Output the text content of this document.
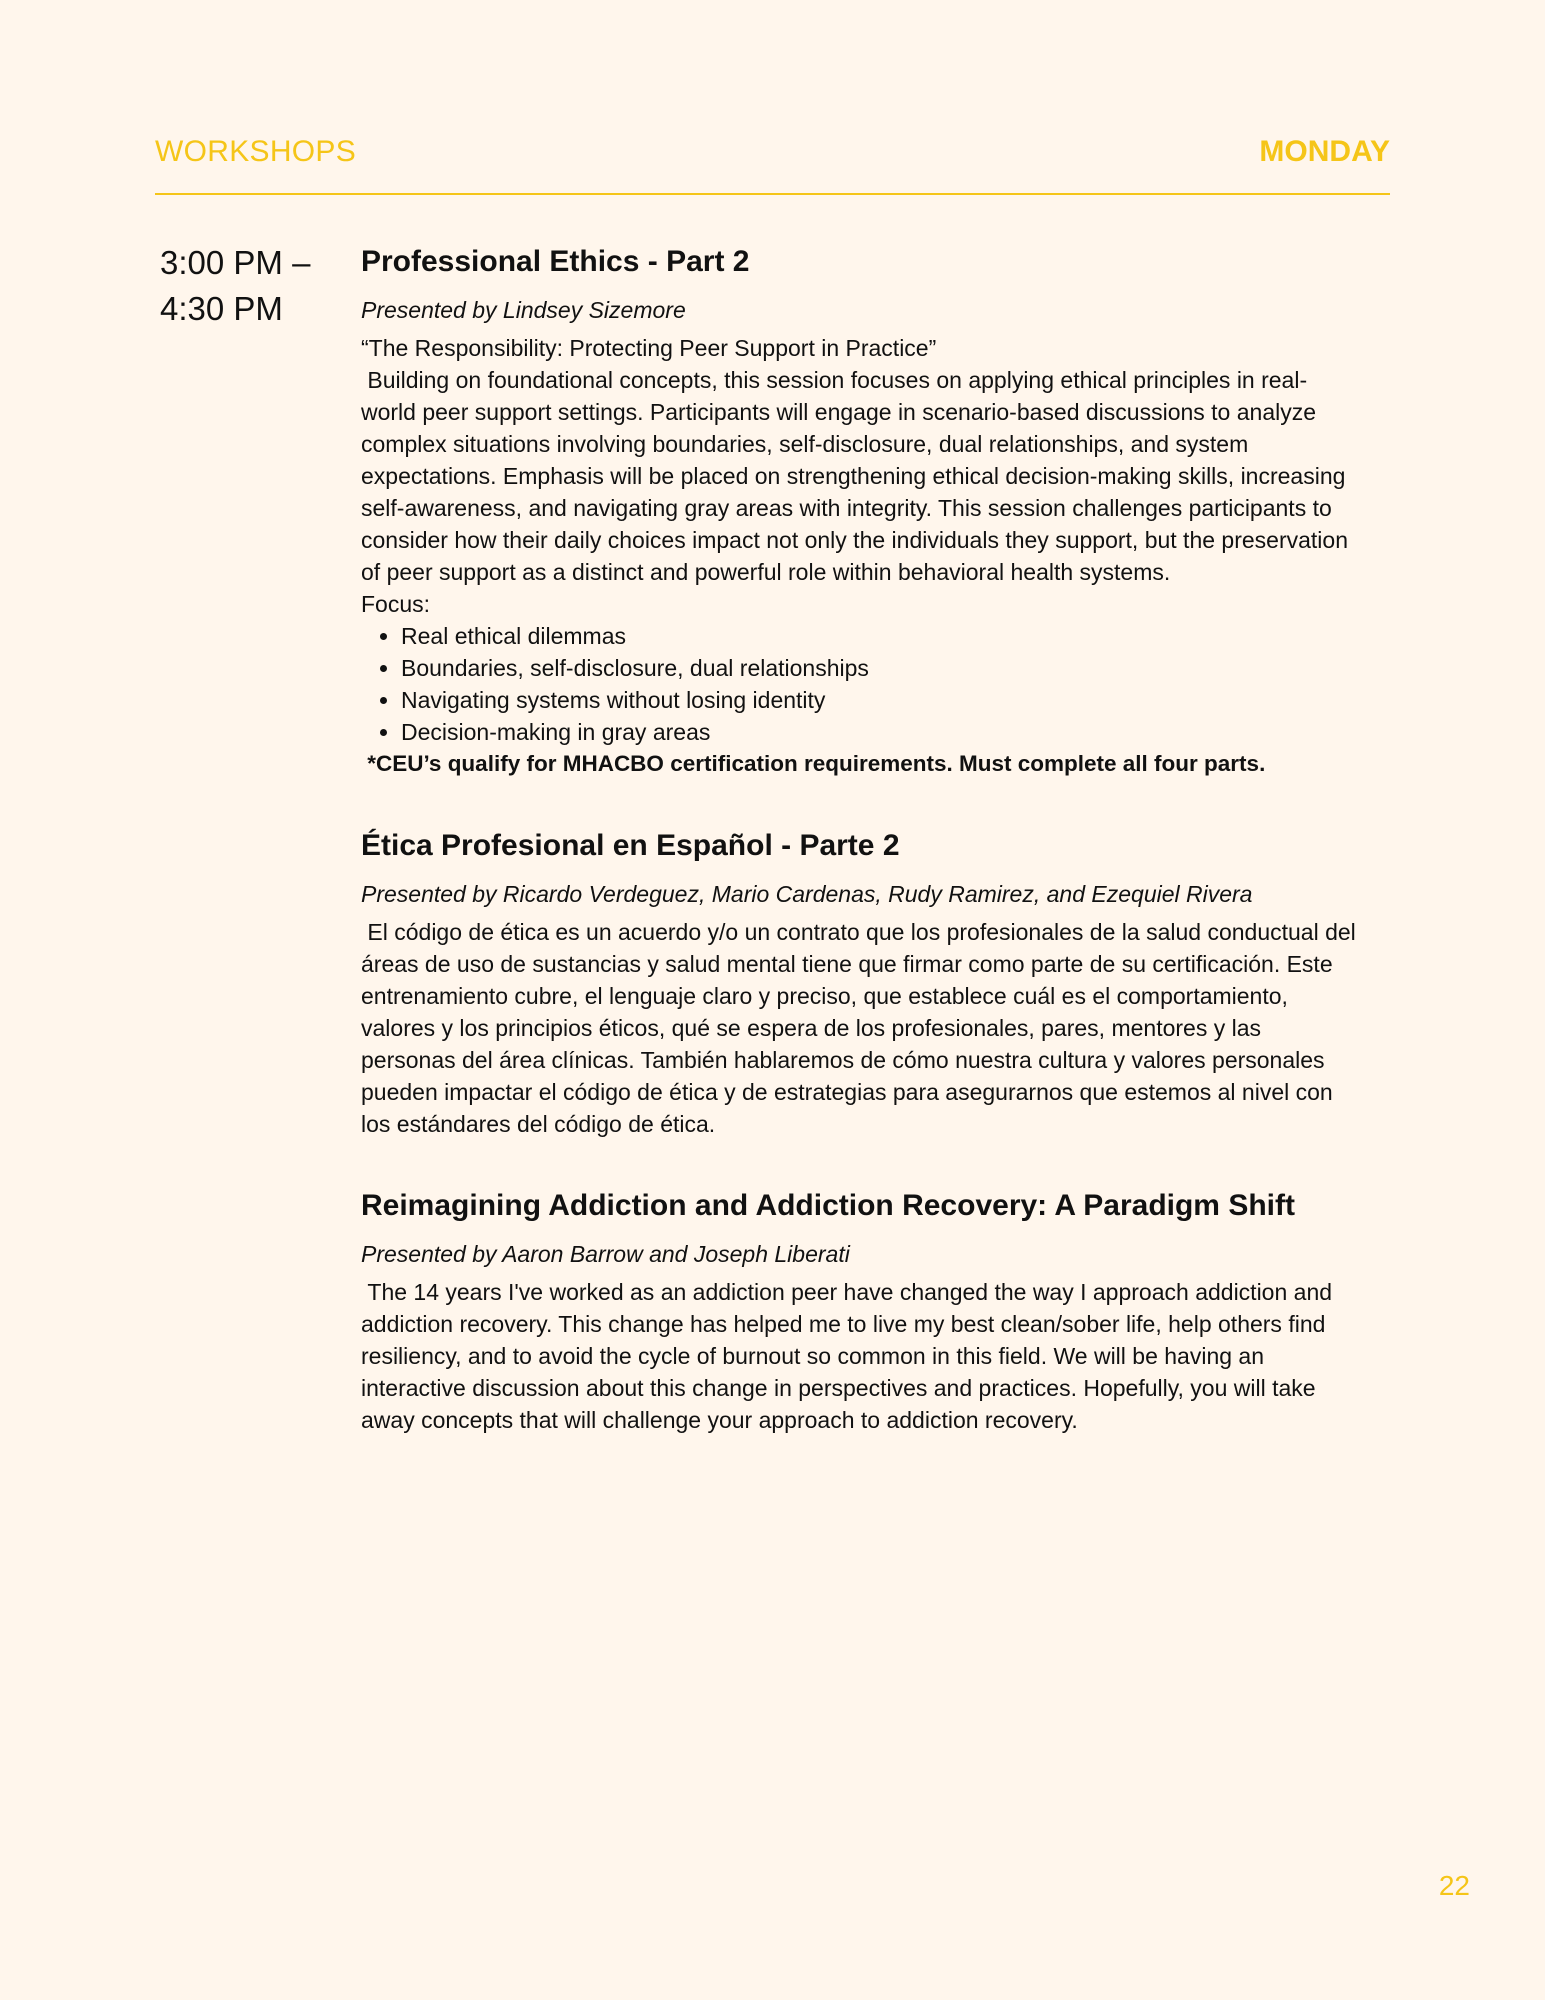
WORKSHOPS	MONDAY
3:00 PM –
4:30 PM
Professional Ethics - Part 2
Presented by Lindsey Sizemore

“The Responsibility: Protecting Peer Support in Practice”

Building on foundational concepts, this session focuses on applying ethical principles in real-world peer support settings. Participants will engage in scenario-based discussions to analyze complex situations involving boundaries, self-disclosure, dual relationships, and system expectations. Emphasis will be placed on strengthening ethical decision-making skills, increasing self-awareness, and navigating gray areas with integrity. This session challenges participants to consider how their daily choices impact not only the individuals they support, but the preservation of peer support as a distinct and powerful role within behavioral health systems.

Focus:

• Real ethical dilemmas
• Boundaries, self-disclosure, dual relationships
• Navigating systems without losing identity
• Decision-making in gray areas

*CEU’s qualify for MHACBO certification requirements. Must complete all four parts.

Ética Profesional en Español - Parte 2
Presented by Ricardo Verdeguez, Mario Cardenas, Rudy Ramirez, and Ezequiel Rivera

El código de ética es un acuerdo y/o un contrato que los profesionales de la salud conductual del áreas de uso de sustancias y salud mental tiene que firmar como parte de su certificación. Este entrenamiento cubre, el lenguaje claro y preciso, que establece cuál es el comportamiento, valores y los principios éticos, qué se espera de los profesionales, pares, mentores y las personas del área clínicas. También hablaremos de cómo nuestra cultura y valores personales pueden impactar el código de ética y de estrategias para asegurarnos que estemos al nivel con los estándares del código de ética.

Reimagining Addiction and Addiction Recovery: A Paradigm Shift
Presented by Aaron Barrow and Joseph Liberati

The 14 years I've worked as an addiction peer have changed the way I approach addiction and addiction recovery. This change has helped me to live my best clean/sober life, help others find resiliency, and to avoid the cycle of burnout so common in this field. We will be having an interactive discussion about this change in perspectives and practices. Hopefully, you will take away concepts that will challenge your approach to addiction recovery.

22
